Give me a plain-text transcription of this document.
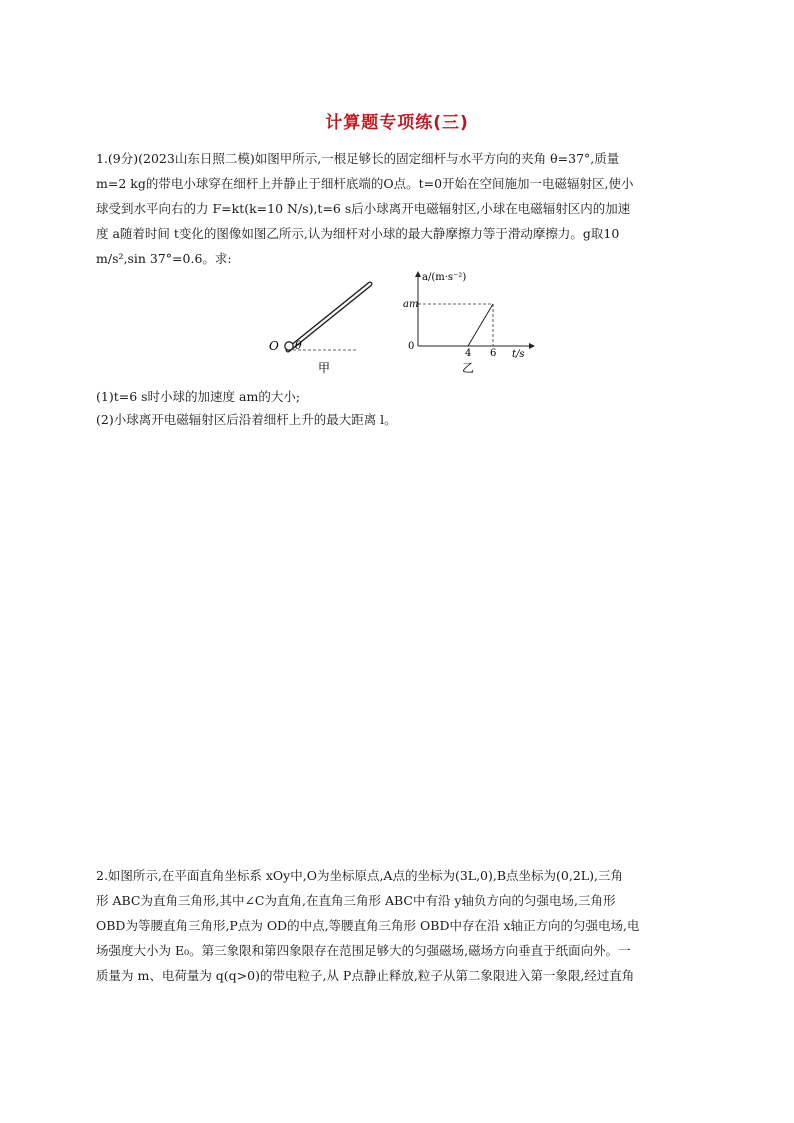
计算题专项练(三)
1.(9分)(2023山东日照二模)如图甲所示,一根足够长的固定细杆与水平方向的夹角 θ=37°,质量
m=2 kg的带电小球穿在细杆上并静止于细杆底端的O点。t=0开始在空间施加一电磁辐射区,使小
球受到水平向右的力 F=kt(k=10 N/s),t=6 s后小球离开电磁辐射区,小球在电磁辐射区内的加速
度 a随着时间 t变化的图像如图乙所示,认为细杆对小球的最大静摩擦力等于滑动摩擦力。g取10
m/s²,sin 37°=0.6。求:
O θ
甲
a/(m·s⁻²)
am
0
4 6 t/s
乙
(1)t=6 s时小球的加速度 am的大小;
(2)小球离开电磁辐射区后沿着细杆上升的最大距离 l。
2.如图所示,在平面直角坐标系 xOy中,O为坐标原点,A点的坐标为(3L,0),B点坐标为(0,2L),三角
形 ABC为直角三角形,其中∠C为直角,在直角三角形 ABC中有沿 y轴负方向的匀强电场,三角形
OBD为等腰直角三角形,P点为 OD的中点,等腰直角三角形 OBD中存在沿 x轴正方向的匀强电场,电
场强度大小为 E₀。第三象限和第四象限存在范围足够大的匀强磁场,磁场方向垂直于纸面向外。一
质量为 m、电荷量为 q(q>0)的带电粒子,从 P点静止释放,粒子从第二象限进入第一象限,经过直角
